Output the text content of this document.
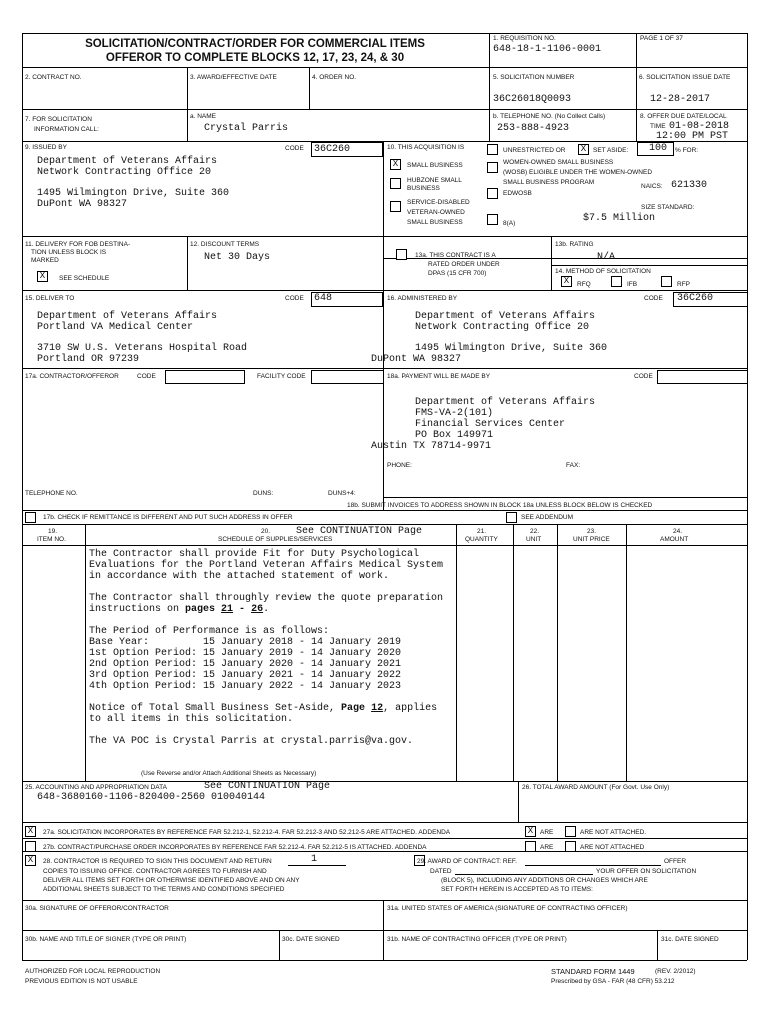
SOLICITATION/CONTRACT/ORDER FOR COMMERCIAL ITEMS
OFFEROR TO COMPLETE BLOCKS 12, 17, 23, 24, & 30
1. REQUISITION NO.
648-18-1-1106-0001
PAGE 1 OF 37
2. CONTRACT NO.	3. AWARD/EFFECTIVE DATE	4. ORDER NO.	5. SOLICITATION NUMBER
36C26018Q0093
6. SOLICITATION ISSUE DATE
12-28-2017
7. FOR SOLICITATION
INFORMATION CALL:
a. NAME
Crystal Parris
b. TELEPHONE NO. (No Collect Calls)
253-888-4923
8. OFFER DUE DATE/LOCAL
TIME 01-08-2018
12:00 PM PST
9. ISSUED BY	CODE 36C260
Department of Veterans Affairs
Network Contracting Office 20
1495 Wilmington Drive, Suite 360
DuPont WA 98327
10. THIS ACQUISITION IS	UNRESTRICTED OR	X	SET ASIDE: 100 % FOR:
X	SMALL BUSINESS
HUBZONE SMALL
BUSINESS
SERVICE-DISABLED
VETERAN-OWNED
SMALL BUSINESS
WOMEN-OWNED SMALL BUSINESS
(WOSB) ELIGIBLE UNDER THE WOMEN-OWNED
SMALL BUSINESS PROGRAM
EDWOSB
NAICS: 621330
SIZE STANDARD:
8(A)	$7.5 Million
11. DELIVERY FOR FOB DESTINA-
TION UNLESS BLOCK IS
MARKED
X	SEE SCHEDULE
12. DISCOUNT TERMS
Net 30 Days	13a. THIS CONTRACT IS A
RATED ORDER UNDER
DPAS (15 CFR 700)
13b. RATING
N/A
14. METHOD OF SOLICITATION
X	RFQ	IFB	RFP
15. DELIVER TO	CODE 648
Department of Veterans Affairs
Portland VA Medical Center
3710 SW U.S. Veterans Hospital Road
Portland OR 97239
16. ADMINISTERED BY	CODE 36C260
Department of Veterans Affairs
Network Contracting Office 20
1495 Wilmington Drive, Suite 360
DuPont WA 98327
17a. CONTRACTOR/OFFEROR	CODE	FACILITY CODE
TELEPHONE NO.	DUNS:	DUNS+4:
17b. CHECK IF REMITTANCE IS DIFFERENT AND PUT SUCH ADDRESS IN OFFER
18a. PAYMENT WILL BE MADE BY	CODE
Department of Veterans Affairs
FMS-VA-2(101)
Financial Services Center
PO Box 149971
Austin TX 78714-9971
PHONE:	FAX:
18b. SUBMIT INVOICES TO ADDRESS SHOWN IN BLOCK 18a UNLESS BLOCK BELOW IS CHECKED
SEE ADDENDUM
19.
ITEM NO.
20.	See CONTINUATION Page
SCHEDULE OF SUPPLIES/SERVICES
21.
QUANTITY
22.
UNIT
23.
UNIT PRICE
24.
AMOUNT
The Contractor shall provide Fit for Duty Psychological
Evaluations for the Portland Veteran Affairs Medical System
in accordance with the attached statement of work.
The Contractor shall throughly review the quote preparation
instructions on pages 21 - 26.
The Period of Performance is as follows:
Base Year:         15 January 2018 - 14 January 2019
1st Option Period: 15 January 2019 - 14 January 2020
2nd Option Period: 15 January 2020 - 14 January 2021
3rd Option Period: 15 January 2021 - 14 January 2022
4th Option Period: 15 January 2022 - 14 January 2023
Notice of Total Small Business Set-Aside, Page 12, applies
to all items in this solicitation.
The VA POC is Crystal Parris at crystal.parris@va.gov.
(Use Reverse and/or Attach Additional Sheets as Necessary)
25. ACCOUNTING AND APPROPRIATION DATA	See CONTINUATION Page
648-3680160-1106-820400-2560 010040144
26. TOTAL AWARD AMOUNT (For Govt. Use Only)
X	27a. SOLICITATION INCORPORATES BY REFERENCE FAR 52.212-1, 52.212-4. FAR 52.212-3 AND 52.212-5 ARE ATTACHED. ADDENDA	X	ARE	ARE NOT ATTACHED.
27b. CONTRACT/PURCHASE ORDER INCORPORATES BY REFERENCE FAR 52.212-4. FAR 52.212-5 IS ATTACHED. ADDENDA	ARE	ARE NOT ATTACHED
X	28. CONTRACTOR IS REQUIRED TO SIGN THIS DOCUMENT AND RETURN	1
COPIES TO ISSUING OFFICE. CONTRACTOR AGREES TO FURNISH AND
DELIVER ALL ITEMS SET FORTH OR OTHERWISE IDENTIFIED ABOVE AND ON ANY
ADDITIONAL SHEETS SUBJECT TO THE TERMS AND CONDITIONS SPECIFIED
29. AWARD OF CONTRACT: REF.	OFFER
DATED	YOUR OFFER ON SOLICITATION
(BLOCK 5), INCLUDING ANY ADDITIONS OR CHANGES WHICH ARE
SET FORTH HEREIN IS ACCEPTED AS TO ITEMS:
30a. SIGNATURE OF OFFEROR/CONTRACTOR	31a. UNITED STATES OF AMERICA (SIGNATURE OF CONTRACTING OFFICER)
30b. NAME AND TITLE OF SIGNER (TYPE OR PRINT)	30c. DATE SIGNED	31b. NAME OF CONTRACTING OFFICER (TYPE OR PRINT)	31c. DATE SIGNED
AUTHORIZED FOR LOCAL REPRODUCTION
PREVIOUS EDITION IS NOT USABLE
STANDARD FORM 1449	(REV. 2/2012)
Prescribed by GSA - FAR (48 CFR) 53.212
